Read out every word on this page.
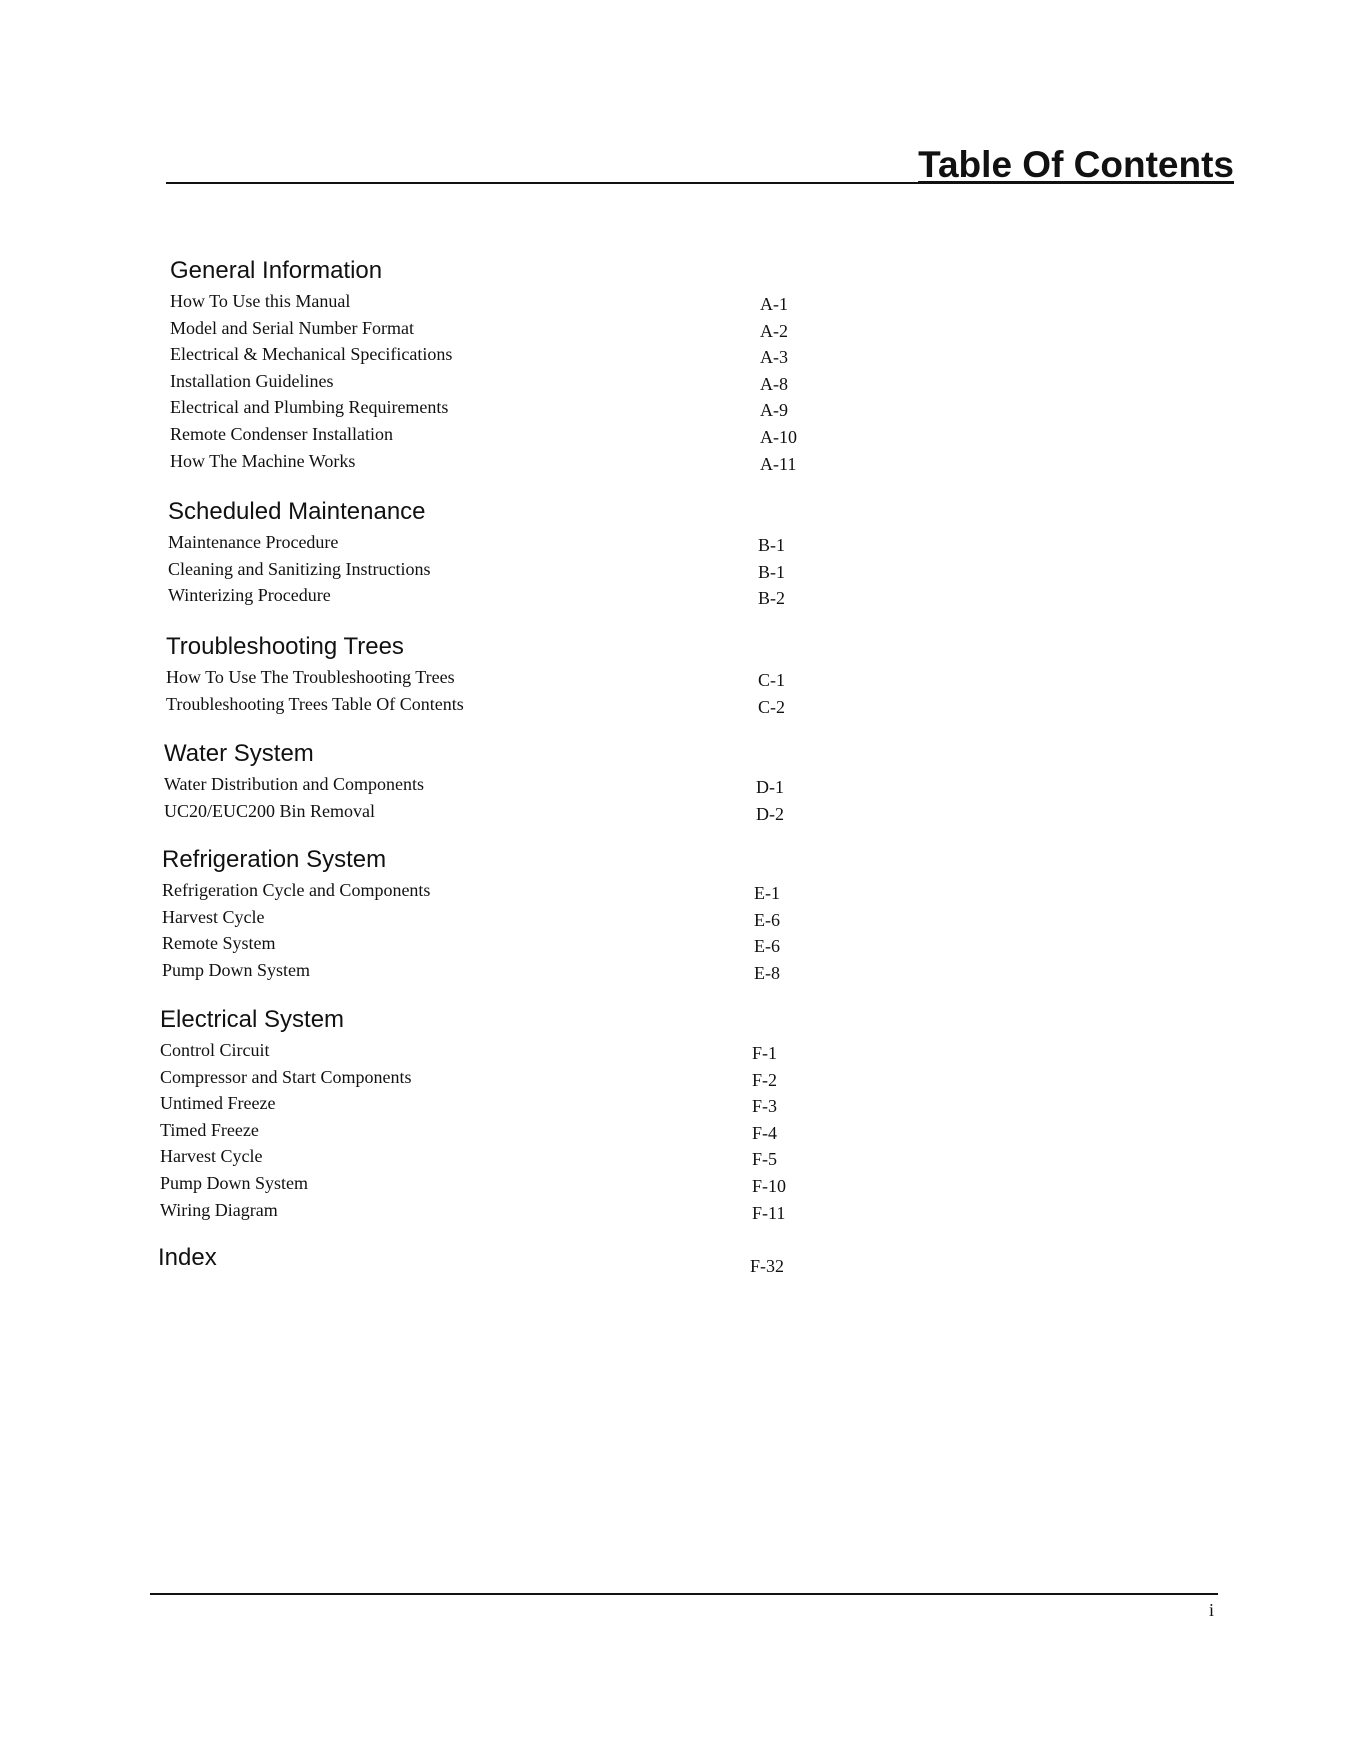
Table Of Contents
General Information
How To Use this Manual	A-1
Model and Serial Number Format	A-2
Electrical & Mechanical Specifications	A-3
Installation Guidelines	A-8
Electrical and Plumbing Requirements	A-9
Remote Condenser Installation	A-10
How The Machine Works	A-11
Scheduled Maintenance
Maintenance Procedure	B-1
Cleaning and Sanitizing Instructions	B-1
Winterizing Procedure	B-2
Troubleshooting Trees
How To Use The Troubleshooting Trees	C-1
Troubleshooting Trees Table Of Contents	C-2
Water System
Water Distribution and Components	D-1
UC20/EUC200 Bin Removal	D-2
Refrigeration System
Refrigeration Cycle and Components	E-1
Harvest Cycle	E-6
Remote System	E-6
Pump Down System	E-8
Electrical System
Control Circuit	F-1
Compressor and Start Components	F-2
Untimed Freeze	F-3
Timed Freeze	F-4
Harvest Cycle	F-5
Pump Down System	F-10
Wiring Diagram	F-11
Index	F-32
i
